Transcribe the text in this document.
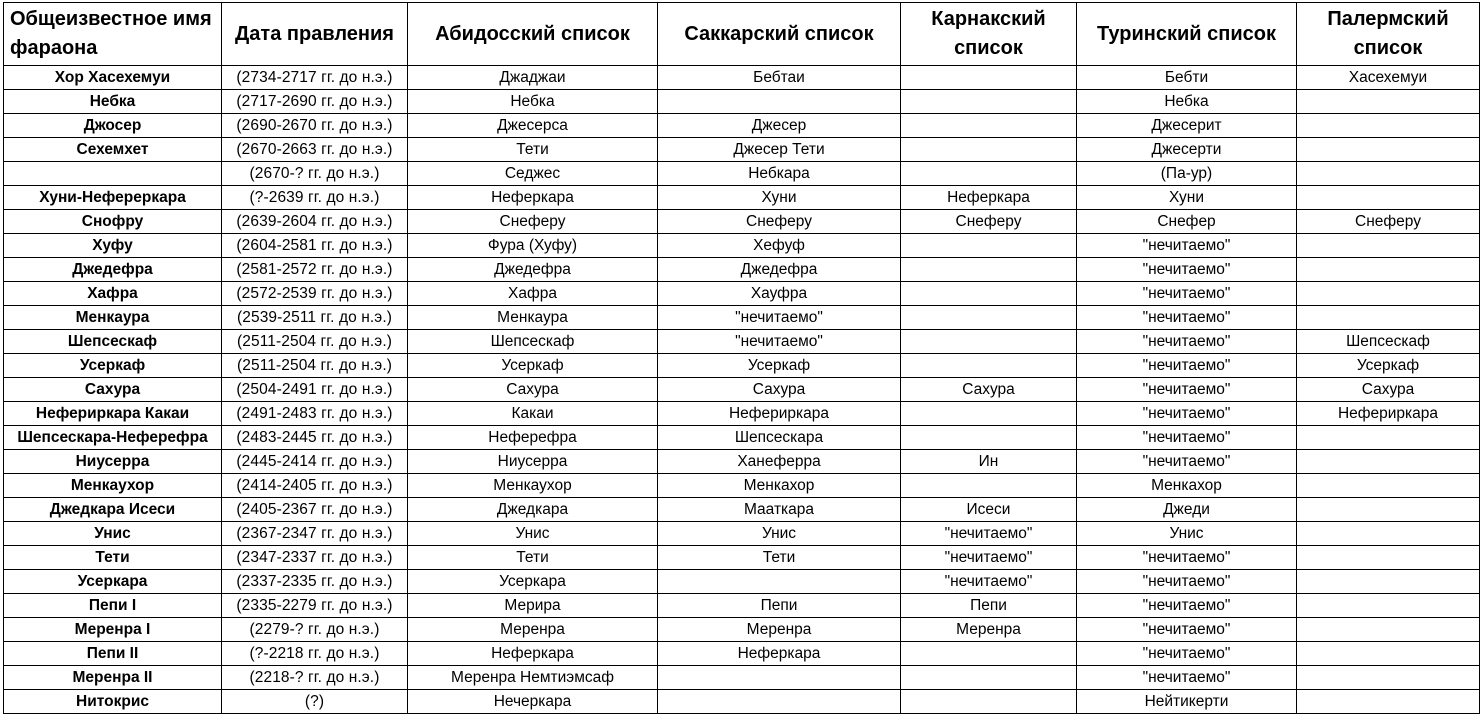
Общеизвестное имя фараона	Дата правления	Абидосский список	Саккарский список	Карнакский список	Туринский список	Палермский список
Хор Хасехемуи	(2734-2717 гг. до н.э.)	Джаджаи	Бебтаи		Бебти	Хасехемуи
Небка	(2717-2690 гг. до н.э.)	Небка			Небка	
Джосер	(2690-2670 гг. до н.э.)	Джесерса	Джесер		Джесерит	
Сехемхет	(2670-2663 гг. до н.э.)	Тети	Джесер Тети		Джесерти	
	(2670-? гг. до н.э.)	Седжес	Небкара		(Па-ур)	
Хуни-Нефереркара	(?-2639 гг. до н.э.)	Неферкара	Хуни	Неферкара	Хуни	
Снофру	(2639-2604 гг. до н.э.)	Снеферу	Снеферу	Снеферу	Снефер	Снеферу
Хуфу	(2604-2581 гг. до н.э.)	Фура (Хуфу)	Хефуф		"нечитаемо"	
Джедефра	(2581-2572 гг. до н.э.)	Джедефра	Джедефра		"нечитаемо"	
Хафра	(2572-2539 гг. до н.э.)	Хафра	Хауфра		"нечитаемо"	
Менкаура	(2539-2511 гг. до н.э.)	Менкаура	"нечитаемо"		"нечитаемо"	
Шепсескаф	(2511-2504 гг. до н.э.)	Шепсескаф	"нечитаемо"		"нечитаемо"	Шепсескаф
Усеркаф	(2511-2504 гг. до н.э.)	Усеркаф	Усеркаф		"нечитаемо"	Усеркаф
Сахура	(2504-2491 гг. до н.э.)	Сахура	Сахура	Сахура	"нечитаемо"	Сахура
Нефериркара Какаи	(2491-2483 гг. до н.э.)	Какаи	Нефериркара		"нечитаемо"	Нефериркара
Шепсескара-Неферефра	(2483-2445 гг. до н.э.)	Неферефра	Шепсескара		"нечитаемо"	
Ниусерра	(2445-2414 гг. до н.э.)	Ниусерра	Ханеферра	Ин	"нечитаемо"	
Менкаухор	(2414-2405 гг. до н.э.)	Менкаухор	Менкахор		Менкахор	
Джедкара Исеси	(2405-2367 гг. до н.э.)	Джедкара	Мааткара	Исеси	Джеди	
Унис	(2367-2347 гг. до н.э.)	Унис	Унис	"нечитаемо"	Унис	
Тети	(2347-2337 гг. до н.э.)	Тети	Тети	"нечитаемо"	"нечитаемо"	
Усеркара	(2337-2335 гг. до н.э.)	Усеркара		"нечитаемо"	"нечитаемо"	
Пепи I	(2335-2279 гг. до н.э.)	Мерира	Пепи	Пепи	"нечитаемо"	
Меренра I	(2279-? гг. до н.э.)	Меренра	Меренра	Меренра	"нечитаемо"	
Пепи II	(?-2218 гг. до н.э.)	Неферкара	Неферкара		"нечитаемо"	
Меренра II	(2218-? гг. до н.э.)	Меренра Немтиэмсаф			"нечитаемо"	
Нитокрис	(?)	Нечеркара			Нейтикерти	
